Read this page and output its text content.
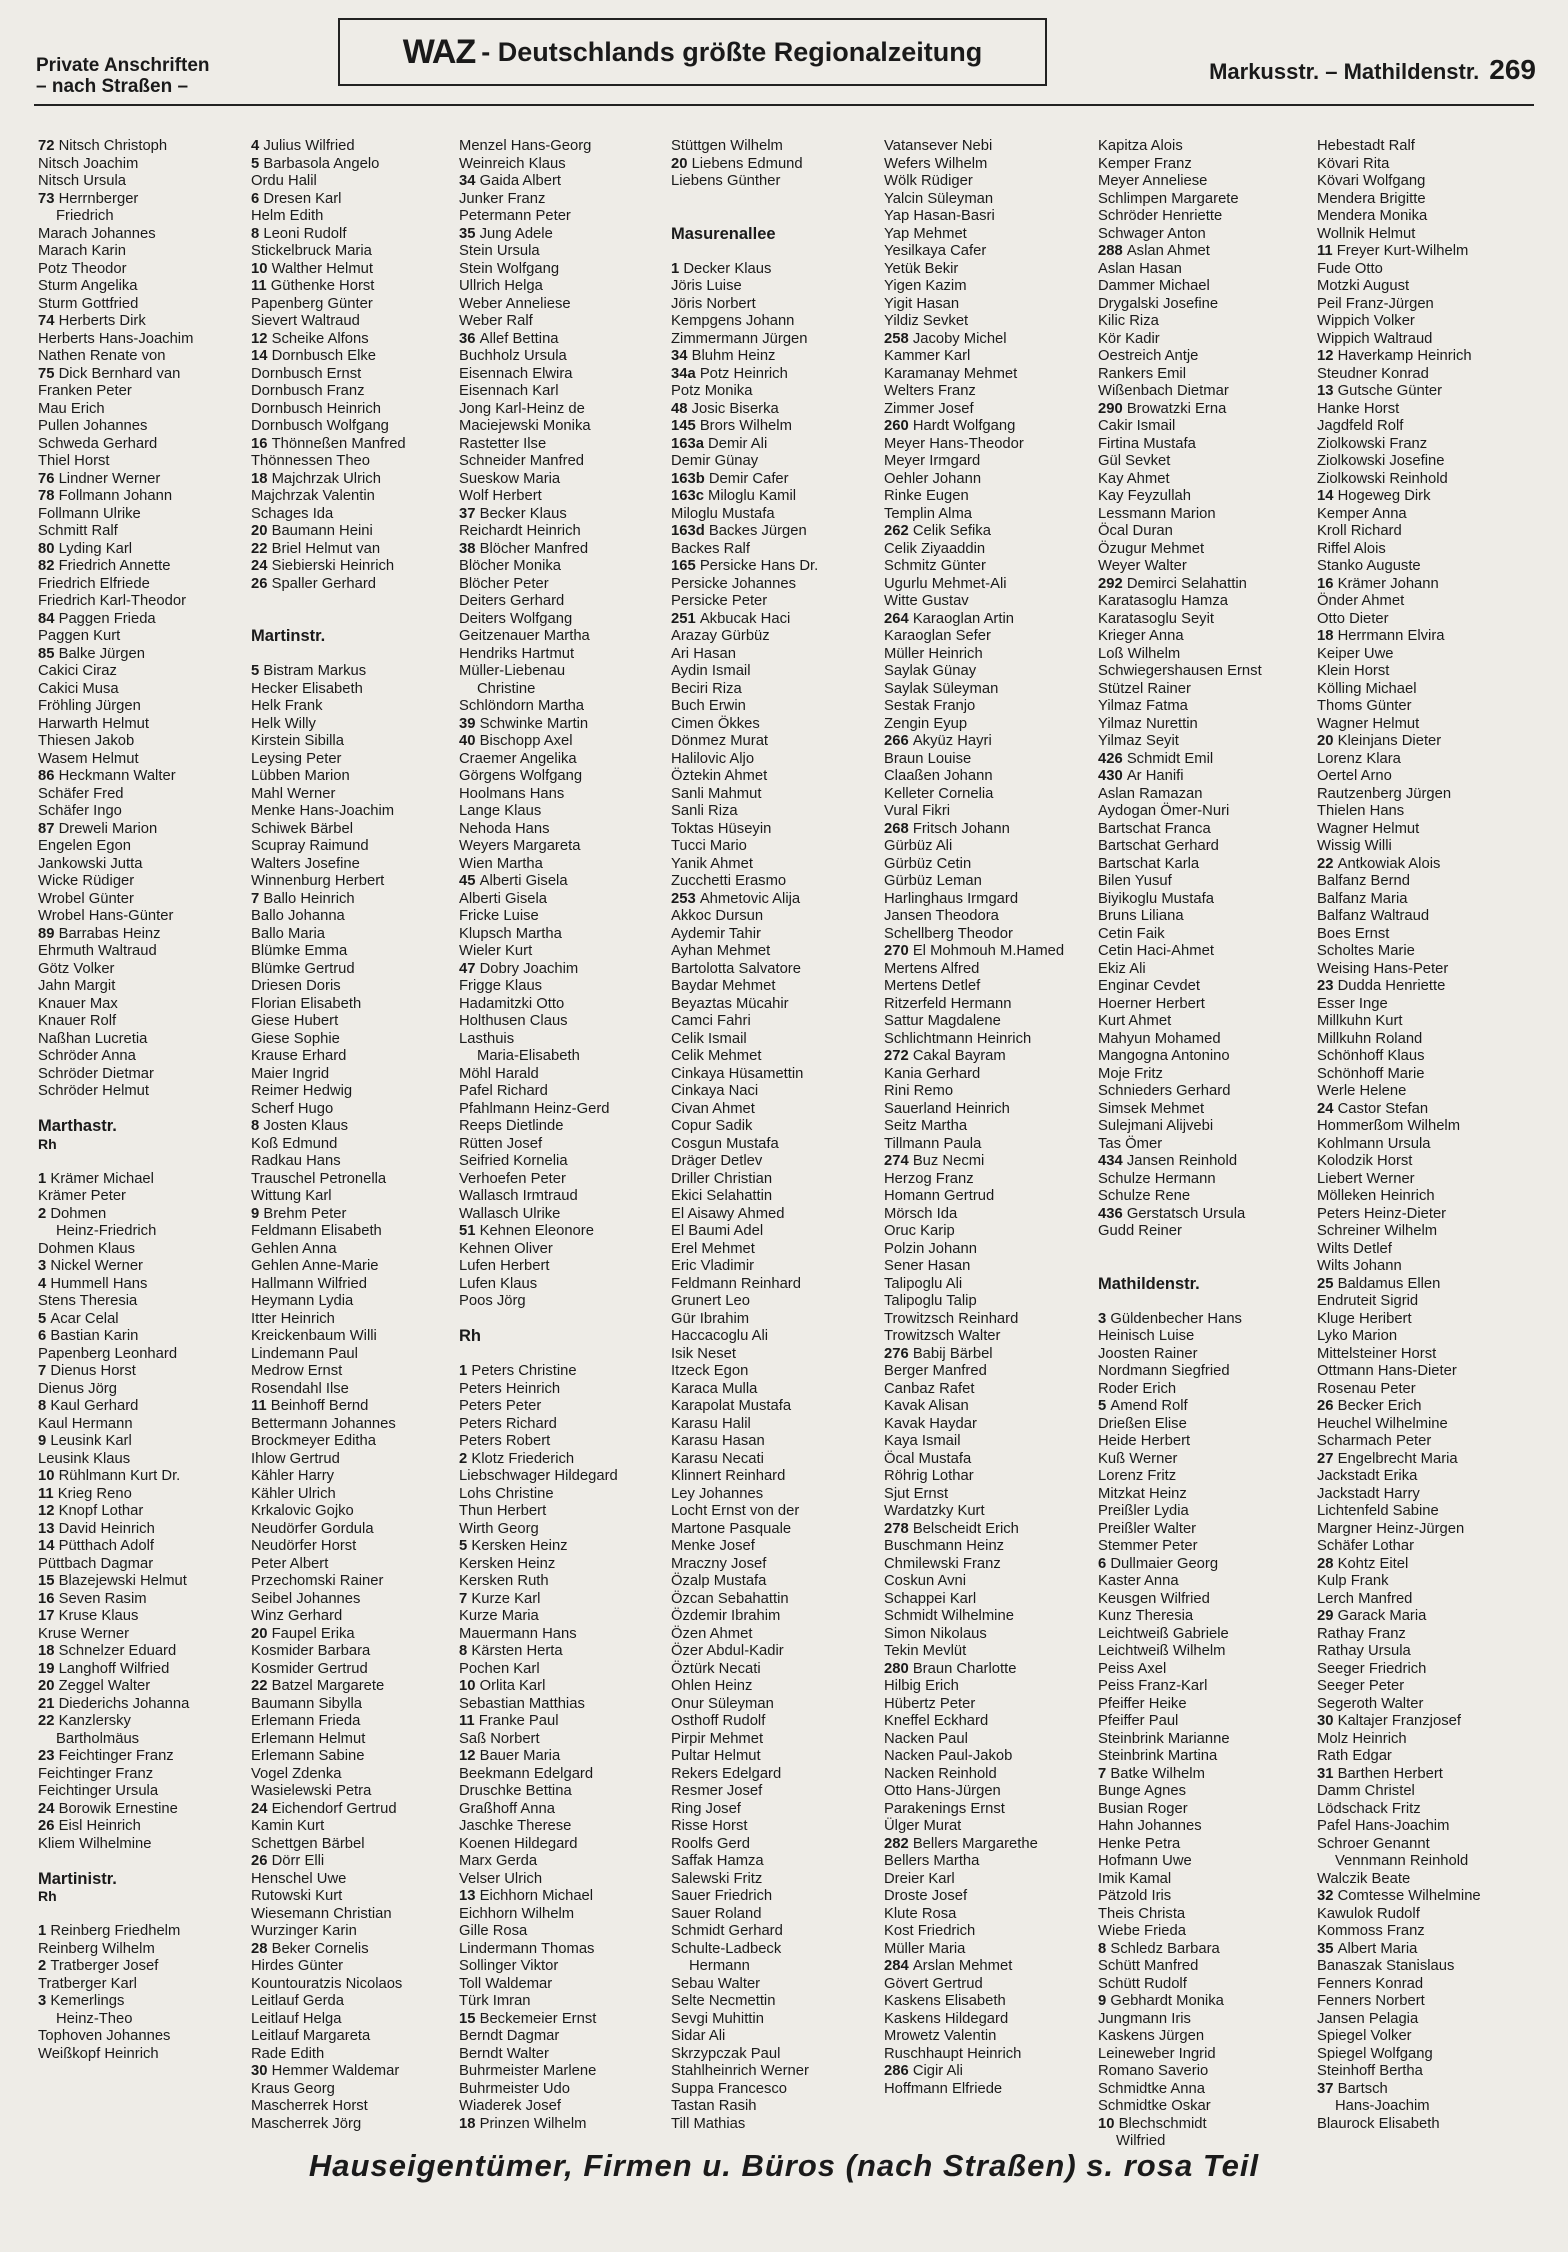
Private Anschriften
– nach Straßen –
WAZ - Deutschlands größte Regionalzeitung
Markusstr. – Mathildenstr. 269
72 Nitsch Christoph
Nitsch Joachim
Nitsch Ursula
73 Herrnberger
Friedrich
Marach Johannes
Marach Karin
Potz Theodor
Sturm Angelika
Sturm Gottfried
74 Herberts Dirk
Herberts Hans-Joachim
Nathen Renate von
75 Dick Bernhard van
Franken Peter
Mau Erich
Pullen Johannes
Schweda Gerhard
Thiel Horst
76 Lindner Werner
78 Follmann Johann
Follmann Ulrike
Schmitt Ralf
80 Lyding Karl
82 Friedrich Annette
Friedrich Elfriede
Friedrich Karl-Theodor
84 Paggen Frieda
Paggen Kurt
85 Balke Jürgen
Cakici Ciraz
Cakici Musa
Fröhling Jürgen
Harwarth Helmut
Thiesen Jakob
Wasem Helmut
86 Heckmann Walter
Schäfer Fred
Schäfer Ingo
87 Dreweli Marion
Engelen Egon
Jankowski Jutta
Wicke Rüdiger
Wrobel Günter
Wrobel Hans-Günter
89 Barrabas Heinz
Ehrmuth Waltraud
Götz Volker
Jahn Margit
Knauer Max
Knauer Rolf
Naßhan Lucretia
Schröder Anna
Schröder Dietmar
Schröder Helmut
Marthastr.
Rh
1 Krämer Michael
Krämer Peter
2 Dohmen
Heinz-Friedrich
Dohmen Klaus
3 Nickel Werner
4 Hummell Hans
Stens Theresia
5 Acar Celal
6 Bastian Karin
Papenberg Leonhard
7 Dienus Horst
Dienus Jörg
8 Kaul Gerhard
Kaul Hermann
9 Leusink Karl
Leusink Klaus
10 Rühlmann Kurt Dr.
11 Krieg Reno
12 Knopf Lothar
13 David Heinrich
14 Pütthach Adolf
Püttbach Dagmar
15 Blazejewski Helmut
16 Seven Rasim
17 Kruse Klaus
Kruse Werner
18 Schnelzer Eduard
19 Langhoff Wilfried
20 Zeggel Walter
21 Diederichs Johanna
22 Kanzlersky
Bartholmäus
23 Feichtinger Franz
Feichtinger Franz
Feichtinger Ursula
24 Borowik Ernestine
26 Eisl Heinrich
Kliem Wilhelmine
Martinistr.
Rh
1 Reinberg Friedhelm
Reinberg Wilhelm
2 Tratberger Josef
Tratberger Karl
3 Kemerlings
Heinz-Theo
Tophoven Johannes
Weißkopf Heinrich
4 Julius Wilfried
5 Barbasola Angelo
Ordu Halil
6 Dresen Karl
Helm Edith
8 Leoni Rudolf
Stickelbruck Maria
10 Walther Helmut
11 Güthenke Horst
Papenberg Günter
Sievert Waltraud
12 Scheike Alfons
14 Dornbusch Elke
Dornbusch Ernst
Dornbusch Franz
Dornbusch Heinrich
Dornbusch Wolfgang
16 Thönneßen Manfred
Thönnessen Theo
18 Majchrzak Ulrich
Majchrzak Valentin
Schages Ida
20 Baumann Heini
22 Briel Helmut van
24 Siebierski Heinrich
26 Spaller Gerhard
Martinstr.
5 Bistram Markus
Hecker Elisabeth
Helk Frank
Helk Willy
Kirstein Sibilla
Leysing Peter
Lübben Marion
Mahl Werner
Menke Hans-Joachim
Schiwek Bärbel
Scupray Raimund
Walters Josefine
Winnenburg Herbert
7 Ballo Heinrich
Ballo Johanna
Ballo Maria
Blümke Emma
Blümke Gertrud
Driesen Doris
Florian Elisabeth
Giese Hubert
Giese Sophie
Krause Erhard
Maier Ingrid
Reimer Hedwig
Scherf Hugo
8 Josten Klaus
Koß Edmund
Radkau Hans
Trauschel Petronella
Wittung Karl
9 Brehm Peter
Feldmann Elisabeth
Gehlen Anna
Gehlen Anne-Marie
Hallmann Wilfried
Heymann Lydia
Itter Heinrich
Kreickenbaum Willi
Lindemann Paul
Medrow Ernst
Rosendahl Ilse
11 Beinhoff Bernd
Bettermann Johannes
Brockmeyer Editha
Ihlow Gertrud
Kähler Harry
Kähler Ulrich
Krkalovic Gojko
Neudörfer Gordula
Neudörfer Horst
Peter Albert
Przechomski Rainer
Seibel Johannes
Winz Gerhard
20 Faupel Erika
Kosmider Barbara
Kosmider Gertrud
22 Batzel Margarete
Baumann Sibylla
Erlemann Frieda
Erlemann Helmut
Erlemann Sabine
Vogel Zdenka
Wasielewski Petra
24 Eichendorf Gertrud
Kamin Kurt
Schettgen Bärbel
26 Dörr Elli
Henschel Uwe
Rutowski Kurt
Wiesemann Christian
Wurzinger Karin
28 Beker Cornelis
Hirdes Günter
Kountouratzis Nicolaos
Leitlauf Gerda
Leitlauf Helga
Leitlauf Margareta
Rade Edith
30 Hemmer Waldemar
Kraus Georg
Mascherrek Horst
Mascherrek Jörg
Menzel Hans-Georg
Weinreich Klaus
34 Gaida Albert
Junker Franz
Petermann Peter
35 Jung Adele
Stein Ursula
Stein Wolfgang
Ullrich Helga
Weber Anneliese
Weber Ralf
36 Allef Bettina
Buchholz Ursula
Eisennach Elwira
Eisennach Karl
Jong Karl-Heinz de
Maciejewski Monika
Rastetter Ilse
Schneider Manfred
Sueskow Maria
Wolf Herbert
37 Becker Klaus
Reichardt Heinrich
38 Blöcher Manfred
Blöcher Monika
Blöcher Peter
Deiters Gerhard
Deiters Wolfgang
Geitzenauer Martha
Hendriks Hartmut
Müller-Liebenau
Christine
Schlöndorn Martha
39 Schwinke Martin
40 Bischopp Axel
Craemer Angelika
Görgens Wolfgang
Hoolmans Hans
Lange Klaus
Nehoda Hans
Weyers Margareta
Wien Martha
45 Alberti Gisela
Alberti Gisela
Fricke Luise
Klupsch Martha
Wieler Kurt
47 Dobry Joachim
Frigge Klaus
Hadamitzki Otto
Holthusen Claus
Lasthuis
Maria-Elisabeth
Möhl Harald
Pafel Richard
Pfahlmann Heinz-Gerd
Reeps Dietlinde
Rütten Josef
Seifried Kornelia
Verhoefen Peter
Wallasch Irmtraud
Wallasch Ulrike
51 Kehnen Eleonore
Kehnen Oliver
Lufen Herbert
Lufen Klaus
Poos Jörg
Rh
1 Peters Christine
Peters Heinrich
Peters Peter
Peters Richard
Peters Robert
2 Klotz Friederich
Liebschwager Hildegard
Lohs Christine
Thun Herbert
Wirth Georg
5 Kersken Heinz
Kersken Heinz
Kersken Ruth
7 Kurze Karl
Kurze Maria
Mauermann Hans
8 Kärsten Herta
Pochen Karl
10 Orlita Karl
Sebastian Matthias
11 Franke Paul
Saß Norbert
12 Bauer Maria
Beekmann Edelgard
Druschke Bettina
Graßhoff Anna
Jaschke Therese
Koenen Hildegard
Marx Gerda
Velser Ulrich
13 Eichhorn Michael
Eichhorn Wilhelm
Gille Rosa
Lindermann Thomas
Sollinger Viktor
Toll Waldemar
Türk Imran
15 Beckemeier Ernst
Berndt Dagmar
Berndt Walter
Buhrmeister Marlene
Buhrmeister Udo
Wiaderek Josef
18 Prinzen Wilhelm
Stüttgen Wilhelm
20 Liebens Edmund
Liebens Günther
Masurenallee
1 Decker Klaus
Jöris Luise
Jöris Norbert
Kempgens Johann
Zimmermann Jürgen
34 Bluhm Heinz
34a Potz Heinrich
Potz Monika
48 Josic Biserka
145 Brors Wilhelm
163a Demir Ali
Demir Günay
163b Demir Cafer
163c Miloglu Kamil
Miloglu Mustafa
163d Backes Jürgen
Backes Ralf
165 Persicke Hans Dr.
Persicke Johannes
Persicke Peter
251 Akbucak Haci
Arazay Gürbüz
Ari Hasan
Aydin Ismail
Beciri Riza
Buch Erwin
Cimen Ökkes
Dönmez Murat
Halilovic Aljo
Öztekin Ahmet
Sanli Mahmut
Sanli Riza
Toktas Hüseyin
Tucci Mario
Yanik Ahmet
Zucchetti Erasmo
253 Ahmetovic Alija
Akkoc Dursun
Aydemir Tahir
Ayhan Mehmet
Bartolotta Salvatore
Baydar Mehmet
Beyaztas Mücahir
Camci Fahri
Celik Ismail
Celik Mehmet
Cinkaya Hüsamettin
Cinkaya Naci
Civan Ahmet
Copur Sadik
Cosgun Mustafa
Dräger Detlev
Driller Christian
Ekici Selahattin
El Aisawy Ahmed
El Baumi Adel
Erel Mehmet
Eric Vladimir
Feldmann Reinhard
Grunert Leo
Gür Ibrahim
Haccacoglu Ali
Isik Neset
Itzeck Egon
Karaca Mulla
Karapolat Mustafa
Karasu Halil
Karasu Hasan
Karasu Necati
Klinnert Reinhard
Ley Johannes
Locht Ernst von der
Martone Pasquale
Menke Josef
Mraczny Josef
Özalp Mustafa
Özcan Sebahattin
Özdemir Ibrahim
Özen Ahmet
Özer Abdul-Kadir
Öztürk Necati
Ohlen Heinz
Onur Süleyman
Osthoff Rudolf
Pirpir Mehmet
Pultar Helmut
Rekers Edelgard
Resmer Josef
Ring Josef
Risse Horst
Roolfs Gerd
Saffak Hamza
Salewski Fritz
Sauer Friedrich
Sauer Roland
Schmidt Gerhard
Schulte-Ladbeck
Hermann
Sebau Walter
Selte Necmettin
Sevgi Muhittin
Sidar Ali
Skrzypczak Paul
Stahlheinrich Werner
Suppa Francesco
Tastan Rasih
Till Mathias
Vatansever Nebi
Wefers Wilhelm
Wölk Rüdiger
Yalcin Süleyman
Yap Hasan-Basri
Yap Mehmet
Yesilkaya Cafer
Yetük Bekir
Yigen Kazim
Yigit Hasan
Yildiz Sevket
258 Jacoby Michel
Kammer Karl
Karamanay Mehmet
Welters Franz
Zimmer Josef
260 Hardt Wolfgang
Meyer Hans-Theodor
Meyer Irmgard
Oehler Johann
Rinke Eugen
Templin Alma
262 Celik Sefika
Celik Ziyaaddin
Schmitz Günter
Ugurlu Mehmet-Ali
Witte Gustav
264 Karaoglan Artin
Karaoglan Sefer
Müller Heinrich
Saylak Günay
Saylak Süleyman
Sestak Franjo
Zengin Eyup
266 Akyüz Hayri
Braun Louise
Claaßen Johann
Kelleter Cornelia
Vural Fikri
268 Fritsch Johann
Gürbüz Ali
Gürbüz Cetin
Gürbüz Leman
Harlinghaus Irmgard
Jansen Theodora
Schellberg Theodor
270 El Mohmouh M.Hamed
Mertens Alfred
Mertens Detlef
Ritzerfeld Hermann
Sattur Magdalene
Schlichtmann Heinrich
272 Cakal Bayram
Kania Gerhard
Rini Remo
Sauerland Heinrich
Seitz Martha
Tillmann Paula
274 Buz Necmi
Herzog Franz
Homann Gertrud
Mörsch Ida
Oruc Karip
Polzin Johann
Sener Hasan
Talipoglu Ali
Talipoglu Talip
Trowitzsch Reinhard
Trowitzsch Walter
276 Babij Bärbel
Berger Manfred
Canbaz Rafet
Kavak Alisan
Kavak Haydar
Kaya Ismail
Öcal Mustafa
Röhrig Lothar
Sjut Ernst
Wardatzky Kurt
278 Belscheidt Erich
Buschmann Heinz
Chmilewski Franz
Coskun Avni
Schappei Karl
Schmidt Wilhelmine
Simon Nikolaus
Tekin Mevlüt
280 Braun Charlotte
Hilbig Erich
Hübertz Peter
Kneffel Eckhard
Nacken Paul
Nacken Paul-Jakob
Nacken Reinhold
Otto Hans-Jürgen
Parakenings Ernst
Ülger Murat
282 Bellers Margarethe
Bellers Martha
Dreier Karl
Droste Josef
Klute Rosa
Kost Friedrich
Müller Maria
284 Arslan Mehmet
Gövert Gertrud
Kaskens Elisabeth
Kaskens Hildegard
Mrowetz Valentin
Ruschhaupt Heinrich
286 Cigir Ali
Hoffmann Elfriede
Kapitza Alois
Kemper Franz
Meyer Anneliese
Schlimpen Margarete
Schröder Henriette
Schwager Anton
288 Aslan Ahmet
Aslan Hasan
Dammer Michael
Drygalski Josefine
Kilic Riza
Kör Kadir
Oestreich Antje
Rankers Emil
Wißenbach Dietmar
290 Browatzki Erna
Cakir Ismail
Firtina Mustafa
Gül Sevket
Kay Ahmet
Kay Feyzullah
Lessmann Marion
Öcal Duran
Özugur Mehmet
Weyer Walter
292 Demirci Selahattin
Karatasoglu Hamza
Karatasoglu Seyit
Krieger Anna
Loß Wilhelm
Schwiegershausen Ernst
Stützel Rainer
Yilmaz Fatma
Yilmaz Nurettin
Yilmaz Seyit
426 Schmidt Emil
430 Ar Hanifi
Aslan Ramazan
Aydogan Ömer-Nuri
Bartschat Franca
Bartschat Gerhard
Bartschat Karla
Bilen Yusuf
Biyikoglu Mustafa
Bruns Liliana
Cetin Faik
Cetin Haci-Ahmet
Ekiz Ali
Enginar Cevdet
Hoerner Herbert
Kurt Ahmet
Mahyun Mohamed
Mangogna Antonino
Moje Fritz
Schnieders Gerhard
Simsek Mehmet
Sulejmani Alijvebi
Tas Ömer
434 Jansen Reinhold
Schulze Hermann
Schulze Rene
436 Gerstatsch Ursula
Gudd Reiner
Mathildenstr.
3 Güldenbecher Hans
Heinisch Luise
Joosten Rainer
Nordmann Siegfried
Roder Erich
5 Amend Rolf
Drießen Elise
Heide Herbert
Kuß Werner
Lorenz Fritz
Mitzkat Heinz
Preißler Lydia
Preißler Walter
Stemmer Peter
6 Dullmaier Georg
Kaster Anna
Keusgen Wilfried
Kunz Theresia
Leichtweiß Gabriele
Leichtweiß Wilhelm
Peiss Axel
Peiss Franz-Karl
Pfeiffer Heike
Pfeiffer Paul
Steinbrink Marianne
Steinbrink Martina
7 Batke Wilhelm
Bunge Agnes
Busian Roger
Hahn Johannes
Henke Petra
Hofmann Uwe
Imik Kamal
Pätzold Iris
Theis Christa
Wiebe Frieda
8 Schledz Barbara
Schütt Manfred
Schütt Rudolf
9 Gebhardt Monika
Jungmann Iris
Kaskens Jürgen
Leineweber Ingrid
Romano Saverio
Schmidtke Anna
Schmidtke Oskar
10 Blechschmidt
Wilfried
Hebestadt Ralf
Kövari Rita
Kövari Wolfgang
Mendera Brigitte
Mendera Monika
Wollnik Helmut
11 Freyer Kurt-Wilhelm
Fude Otto
Motzki August
Peil Franz-Jürgen
Wippich Volker
Wippich Waltraud
12 Haverkamp Heinrich
Steudner Konrad
13 Gutsche Günter
Hanke Horst
Jagdfeld Rolf
Ziolkowski Franz
Ziolkowski Josefine
Ziolkowski Reinhold
14 Hogeweg Dirk
Kemper Anna
Kroll Richard
Riffel Alois
Stanko Auguste
16 Krämer Johann
Önder Ahmet
Otto Dieter
18 Herrmann Elvira
Keiper Uwe
Klein Horst
Kölling Michael
Thoms Günter
Wagner Helmut
20 Kleinjans Dieter
Lorenz Klara
Oertel Arno
Rautzenberg Jürgen
Thielen Hans
Wagner Helmut
Wissig Willi
22 Antkowiak Alois
Balfanz Bernd
Balfanz Maria
Balfanz Waltraud
Boes Ernst
Scholtes Marie
Weising Hans-Peter
23 Dudda Henriette
Esser Inge
Millkuhn Kurt
Millkuhn Roland
Schönhoff Klaus
Schönhoff Marie
Werle Helene
24 Castor Stefan
Hommerßom Wilhelm
Kohlmann Ursula
Kolodzik Horst
Liebert Werner
Mölleken Heinrich
Peters Heinz-Dieter
Schreiner Wilhelm
Wilts Detlef
Wilts Johann
25 Baldamus Ellen
Endruteit Sigrid
Kluge Heribert
Lyko Marion
Mittelsteiner Horst
Ottmann Hans-Dieter
Rosenau Peter
26 Becker Erich
Heuchel Wilhelmine
Scharmach Peter
27 Engelbrecht Maria
Jackstadt Erika
Jackstadt Harry
Lichtenfeld Sabine
Margner Heinz-Jürgen
Schäfer Lothar
28 Kohtz Eitel
Kulp Frank
Lerch Manfred
29 Garack Maria
Rathay Franz
Rathay Ursula
Seeger Friedrich
Seeger Peter
Segeroth Walter
30 Kaltajer Franzjosef
Molz Heinrich
Rath Edgar
31 Barthen Herbert
Damm Christel
Lödschack Fritz
Pafel Hans-Joachim
Schroer Genannt
Vennmann Reinhold
Walczik Beate
32 Comtesse Wilhelmine
Kawulok Rudolf
Kommoss Franz
35 Albert Maria
Banaszak Stanislaus
Fenners Konrad
Fenners Norbert
Jansen Pelagia
Spiegel Volker
Spiegel Wolfgang
Steinhoff Bertha
37 Bartsch
Hans-Joachim
Blaurock Elisabeth
Hauseigentümer, Firmen u. Büros (nach Straßen) s. rosa Teil
